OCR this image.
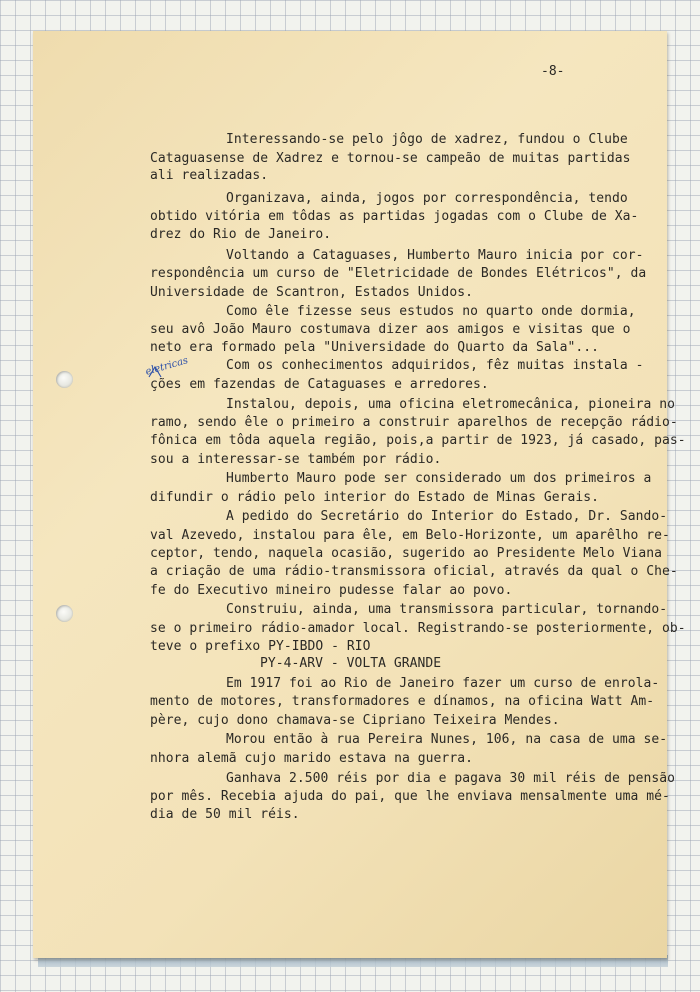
-8-
Interessando-se pelo jôgo de xadrez, fundou o Clube
Cataguasense de Xadrez e tornou-se campeão de muitas partidas
ali realizadas.
Organizava, ainda, jogos por correspondência, tendo
obtido vitória em tôdas as partidas jogadas com o Clube de Xa-
drez do Rio de Janeiro.
Voltando a Cataguases, Humberto Mauro inicia por cor-
respondência um curso de "Eletricidade de Bondes Elétricos", da
Universidade de Scantron, Estados Unidos.
Como êle fizesse seus estudos no quarto onde dormia,
seu avô João Mauro costumava dizer aos amigos e visitas que o
neto era formado pela "Universidade do Quarto da Sala"...
Com os conhecimentos adquiridos, fêz muitas instala -
ções em fazendas de Cataguases e arredores.
Instalou, depois, uma oficina eletromecânica, pioneira no
ramo, sendo êle o primeiro a construir aparelhos de recepção rádio-
fônica em tôda aquela região, pois,a partir de 1923, já casado, pas-
sou a interessar-se também por rádio.
Humberto Mauro pode ser considerado um dos primeiros a
difundir o rádio pelo interior do Estado de Minas Gerais.
A pedido do Secretário do Interior do Estado, Dr. Sando-
val Azevedo, instalou para êle, em Belo-Horizonte, um aparêlho re-
ceptor, tendo, naquela ocasião, sugerido ao Presidente Melo Viana
a criação de uma rádio-transmissora oficial, através da qual o Che-
fe do Executivo mineiro pudesse falar ao povo.
Construiu, ainda, uma transmissora particular, tornando-
se o primeiro rádio-amador local. Registrando-se posteriormente, ob-
teve o prefixo PY-IBDO - RIO
PY-4-ARV - VOLTA GRANDE
Em 1917 foi ao Rio de Janeiro fazer um curso de enrola-
mento de motores, transformadores e dínamos, na oficina Watt Am-
père, cujo dono chamava-se Cipriano Teixeira Mendes.
Morou então à rua Pereira Nunes, 106, na casa de uma se-
nhora alemã cujo marido estava na guerra.
Ganhava 2.500 réis por dia e pagava 30 mil réis de pensão
por mês. Recebia ajuda do pai, que lhe enviava mensalmente uma mé-
dia de 50 mil réis.
eletricas
